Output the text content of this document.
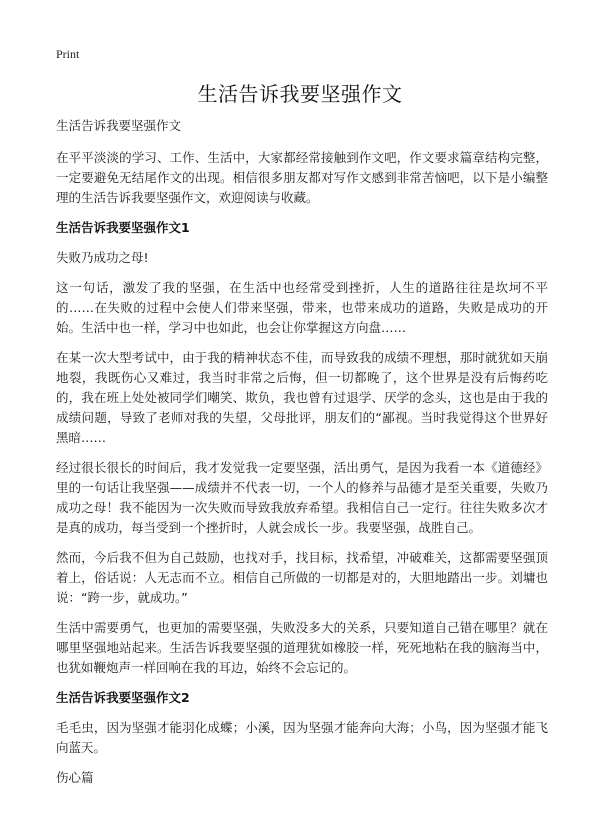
Print
生活告诉我要坚强作文

生活告诉我要坚强作文

在平平淡淡的学习、工作、生活中，大家都经常接触到作文吧，作文要求篇章结构完整，一定要避免无结尾作文的出现。相信很多朋友都对写作文感到非常苦恼吧，以下是小编整理的生活告诉我要坚强作文，欢迎阅读与收藏。

生活告诉我要坚强作文1

失败乃成功之母!

这一句话，激发了我的坚强，在生活中也经常受到挫折，人生的道路往往是坎坷不平的……在失败的过程中会使人们带来坚强，带来，也带来成功的道路，失败是成功的开始。生活中也一样，学习中也如此，也会让你掌握这方向盘……

在某一次大型考试中，由于我的精神状态不佳，而导致我的成绩不理想，那时就犹如天崩地裂，我既伤心又难过，我当时非常之后悔，但一切都晚了，这个世界是没有后悔药吃的，我在班上处处被同学们嘲笑、欺负，我也曾有过退学、厌学的念头，这也是由于我的成绩问题，导致了老师对我的失望，父母批评，朋友们的“鄙视。当时我觉得这个世界好黑暗……

经过很长很长的时间后，我才发觉我一定要坚强，活出勇气，是因为我看一本《道德经》里的一句话让我坚强——成绩并不代表一切，一个人的修养与品德才是至关重要，失败乃成功之母！我不能因为一次失败而导致我放弃希望。我相信自己一定行。往往失败多次才是真的成功，每当受到一个挫折时，人就会成长一步。我要坚强，战胜自己。

然而，今后我不但为自己鼓励，也找对手，找目标，找希望，冲破难关，这都需要坚强顶着上，俗话说：人无志而不立。相信自己所做的一切都是对的，大胆地踏出一步。刘墉也说：“跨一步，就成功。”

生活中需要勇气，也更加的需要坚强，失败没多大的关系，只要知道自己错在哪里？就在哪里坚强地站起来。生活告诉我要坚强的道理犹如橡胶一样，死死地粘在我的脑海当中，也犹如鞭炮声一样回响在我的耳边，始终不会忘记的。

生活告诉我要坚强作文2

毛毛虫，因为坚强才能羽化成蝶；小溪，因为坚强才能奔向大海；小鸟，因为坚强才能飞向蓝天。

伤心篇
